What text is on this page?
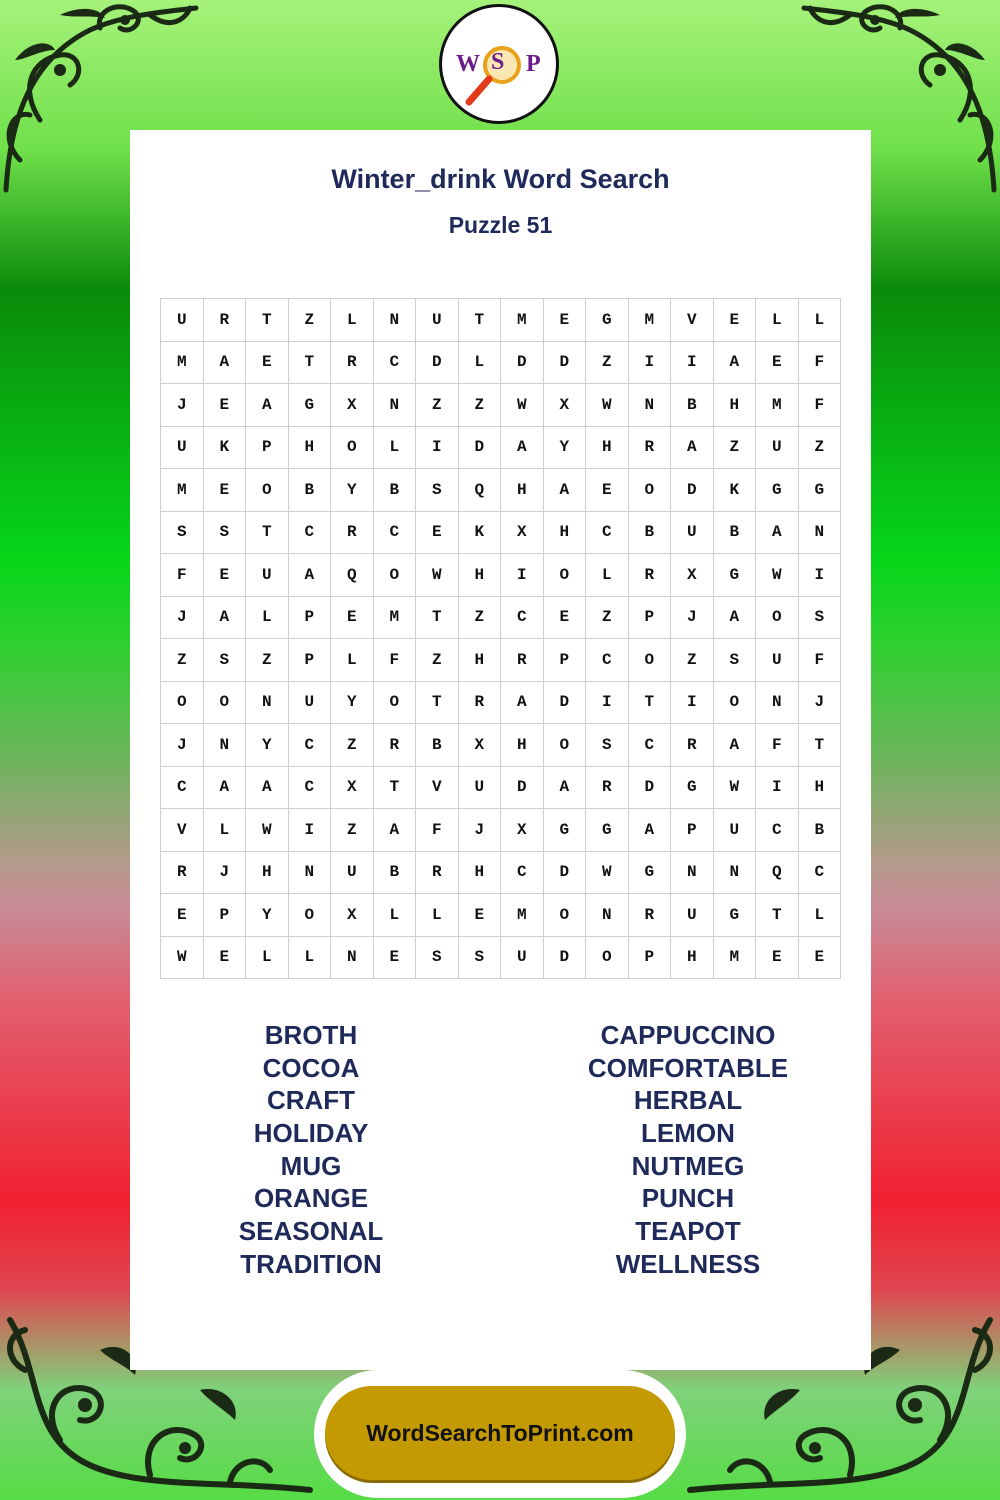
W S P
Winter_drink Word Search
Puzzle 51
U	R	T	Z	L	N	U	T	M	E	G	M	V	E	L	L
M	A	E	T	R	C	D	L	D	D	Z	I	I	A	E	F
J	E	A	G	X	N	Z	Z	W	X	W	N	B	H	M	F
U	K	P	H	O	L	I	D	A	Y	H	R	A	Z	U	Z
M	E	O	B	Y	B	S	Q	H	A	E	O	D	K	G	G
S	S	T	C	R	C	E	K	X	H	C	B	U	B	A	N
F	E	U	A	Q	O	W	H	I	O	L	R	X	G	W	I
J	A	L	P	E	M	T	Z	C	E	Z	P	J	A	O	S
Z	S	Z	P	L	F	Z	H	R	P	C	O	Z	S	U	F
O	O	N	U	Y	O	T	R	A	D	I	T	I	O	N	J
J	N	Y	C	Z	R	B	X	H	O	S	C	R	A	F	T
C	A	A	C	X	T	V	U	D	A	R	D	G	W	I	H
V	L	W	I	Z	A	F	J	X	G	G	A	P	U	C	B
R	J	H	N	U	B	R	H	C	D	W	G	N	N	Q	C
E	P	Y	O	X	L	L	E	M	O	N	R	U	G	T	L
W	E	L	L	N	E	S	S	U	D	O	P	H	M	E	E
BROTH
COCOA
CRAFT
HOLIDAY
MUG
ORANGE
SEASONAL
TRADITION
CAPPUCCINO
COMFORTABLE
HERBAL
LEMON
NUTMEG
PUNCH
TEAPOT
WELLNESS
WordSearchToPrint.com
